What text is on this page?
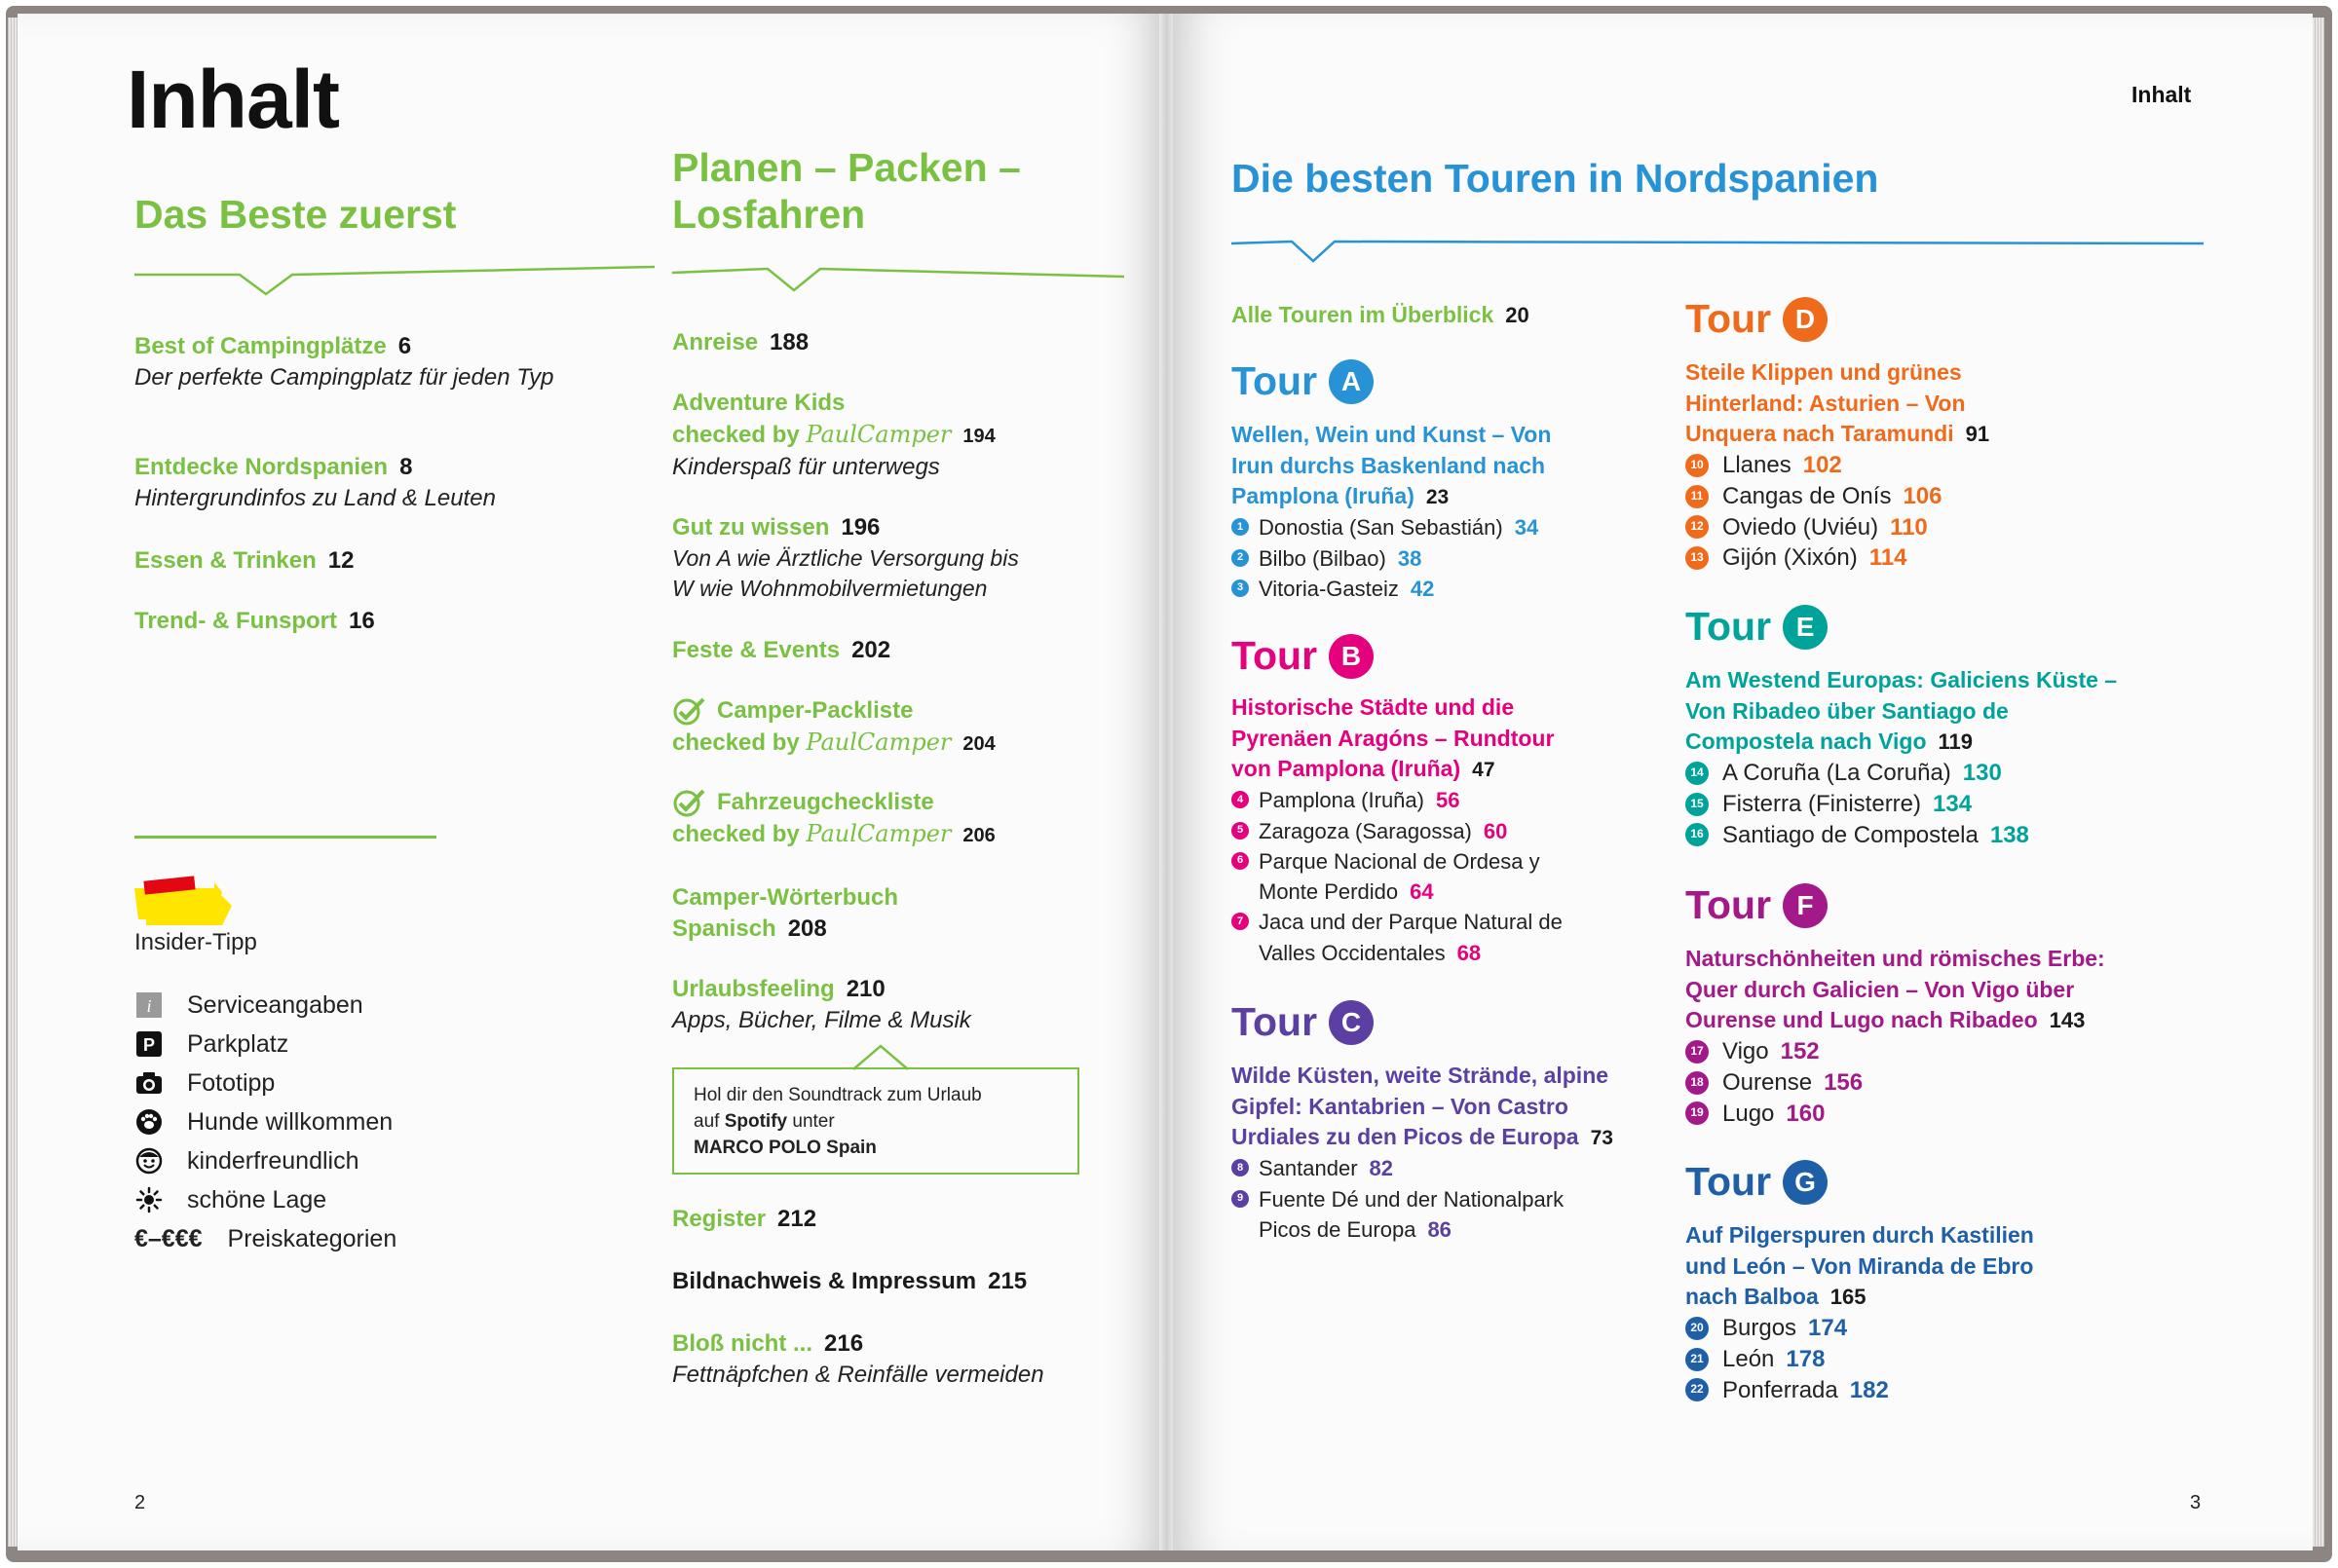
Inhalt
Das Beste zuerst
Best of Campingplätze 6
Der perfekte Campingplatz für jeden Typ
Entdecke Nordspanien 8
Hintergrundinfos zu Land & Leuten
Essen & Trinken 12
Trend- & Funsport 16
Insider-Tipp
i Serviceangaben
P Parkplatz
Fototipp
Hunde willkommen
kinderfreundlich
schöne Lage
€–€€€ Preiskategorien
Planen – Packen –
Losfahren
Anreise 188
Adventure Kids
checked by PaulCamper 194
Kinderspaß für unterwegs
Gut zu wissen 196
Von A wie Ärztliche Versorgung bis
W wie Wohnmobilvermietungen
Feste & Events 202
Camper-Packliste
checked by PaulCamper 204
Fahrzeugcheckliste
checked by PaulCamper 206
Camper-Wörterbuch
Spanisch 208
Urlaubsfeeling 210
Apps, Bücher, Filme & Musik
Hol dir den Soundtrack zum Urlaub
auf Spotify unter
MARCO POLO Spain
Register 212
Bildnachweis & Impressum 215
Bloß nicht ... 216
Fettnäpfchen & Reinfälle vermeiden
2
Inhalt
Die besten Touren in Nordspanien
Alle Touren im Überblick 20
Tour A
Wellen, Wein und Kunst – Von
Irun durchs Baskenland nach
Pamplona (Iruña) 23
1 Donostia (San Sebastián) 34
2 Bilbo (Bilbao) 38
3 Vitoria-Gasteiz 42
Tour B
Historische Städte und die
Pyrenäen Aragóns – Rundtour
von Pamplona (Iruña) 47
4 Pamplona (Iruña) 56
5 Zaragoza (Saragossa) 60
6 Parque Nacional de Ordesa y
Monte Perdido 64
7 Jaca und der Parque Natural de
Valles Occidentales 68
Tour C
Wilde Küsten, weite Strände, alpine
Gipfel: Kantabrien – Von Castro
Urdiales zu den Picos de Europa 73
8 Santander 82
9 Fuente Dé und der Nationalpark
Picos de Europa 86
Tour D
Steile Klippen und grünes
Hinterland: Asturien – Von
Unquera nach Taramundi 91
10 Llanes 102
11 Cangas de Onís 106
12 Oviedo (Uviéu) 110
13 Gijón (Xixón) 114
Tour E
Am Westend Europas: Galiciens Küste –
Von Ribadeo über Santiago de
Compostela nach Vigo 119
14 A Coruña (La Coruña) 130
15 Fisterra (Finisterre) 134
16 Santiago de Compostela 138
Tour F
Naturschönheiten und römisches Erbe:
Quer durch Galicien – Von Vigo über
Ourense und Lugo nach Ribadeo 143
17 Vigo 152
18 Ourense 156
19 Lugo 160
Tour G
Auf Pilgerspuren durch Kastilien
und León – Von Miranda de Ebro
nach Balboa 165
20 Burgos 174
21 León 178
22 Ponferrada 182
3
